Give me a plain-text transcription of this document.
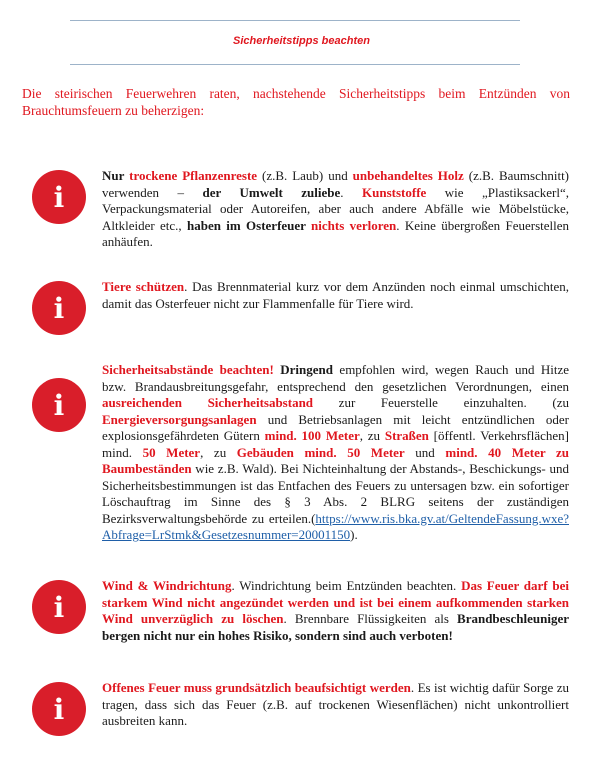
Sicherheitstipps beachten

Die steirischen Feuerwehren raten, nachstehende Sicherheitstipps beim Entzünden von Brauchtumsfeuern zu beherzigen:

i
Nur trockene Pflanzenreste (z.B. Laub) und unbehandeltes Holz (z.B. Baumschnitt) verwenden – der Umwelt zuliebe. Kunststoffe wie „Plastiksackerl“, Verpackungsmaterial oder Autoreifen, aber auch andere Abfälle wie Möbelstücke, Altkleider etc., haben im Osterfeuer nichts verloren. Keine übergroßen Feuerstellen anhäufen.
i
Tiere schützen. Das Brennmaterial kurz vor dem Anzünden noch einmal umschichten, damit das Osterfeuer nicht zur Flammenfalle für Tiere wird.
i
Sicherheitsabstände beachten! Dringend empfohlen wird, wegen Rauch und Hitze bzw. Brandausbreitungsgefahr, entsprechend den gesetzlichen Verordnungen, einen ausreichenden Sicherheitsabstand zur Feuerstelle einzuhalten. (zu Energieversorgungsanlagen und Betriebsanlagen mit leicht entzündlichen oder explosionsgefährdeten Gütern mind. 100 Meter, zu Straßen [öffentl. Verkehrsflächen] mind. 50 Meter, zu Gebäuden mind. 50 Meter und mind. 40 Meter zu Baumbeständen wie z.B. Wald). Bei Nichteinhaltung der Abstands-, Beschickungs- und Sicherheitsbestimmungen ist das Entfachen des Feuers zu untersagen bzw. ein sofortiger Löschauftrag im Sinne des § 3 Abs. 2 BLRG seitens der zuständigen Bezirksverwaltungsbehörde zu erteilen.(https://www.ris.bka.gv.at/GeltendeFassung.wxe?Abfrage=LrStmk&Gesetzesnummer=20001150).
i
Wind & Windrichtung. Windrichtung beim Entzünden beachten. Das Feuer darf bei starkem Wind nicht angezündet werden und ist bei einem aufkommenden starken Wind unverzüglich zu löschen. Brennbare Flüssigkeiten als Brandbeschleuniger bergen nicht nur ein hohes Risiko, sondern sind auch verboten!
i
Offenes Feuer muss grundsätzlich beaufsichtigt werden. Es ist wichtig dafür Sorge zu tragen, dass sich das Feuer (z.B. auf trockenen Wiesenflächen) nicht unkontrolliert ausbreiten kann.
